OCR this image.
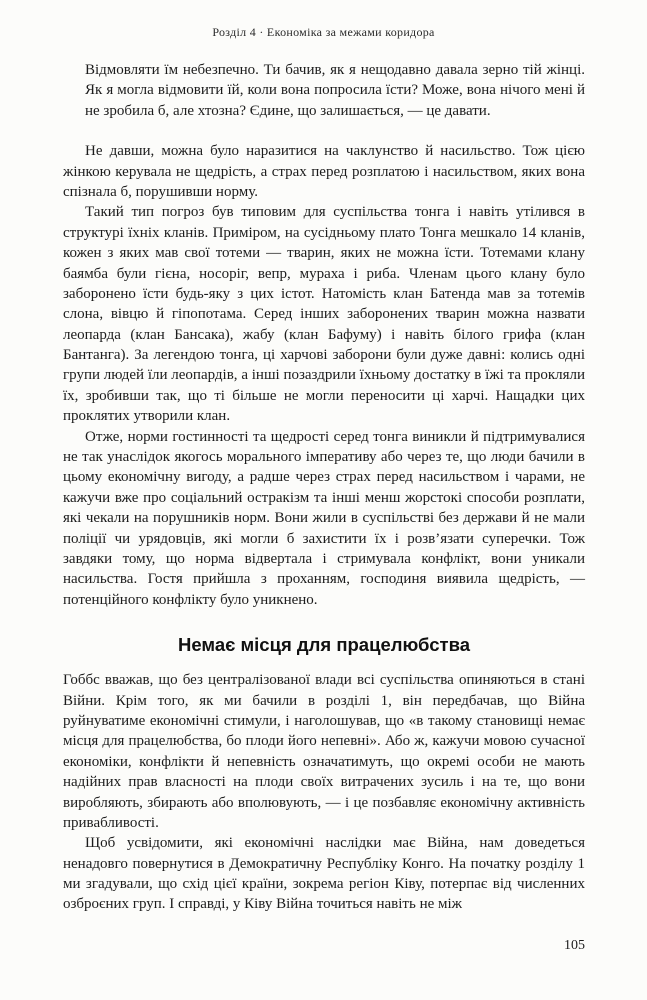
Розділ 4 · Економіка за межами коридора

Відмовляти їм небезпечно. Ти бачив, як я нещодавно давала зерно тій жінці. Як я могла відмовити їй, коли вона попросила їсти? Може, вона нічого мені й не зробила б, але хтозна? Єдине, що залишається, — це давати.

Не давши, можна було наразитися на чаклунство й насильство. Тож цією жінкою керувала не щедрість, а страх перед розплатою і насильством, яких вона спізнала б, порушивши норму.

Такий тип погроз був типовим для суспільства тонга і навіть утілився в структурі їхніх кланів. Приміром, на сусідньому плато Тонга мешкало 14 кланів, кожен з яких мав свої тотеми — тварин, яких не можна їсти. Тотемами клану баямба були гієна, носоріг, вепр, мураха і риба. Членам цього клану було заборонено їсти будь-яку з цих істот. Натомість клан Батенда мав за тотемів слона, вівцю й гіпопотама. Серед інших заборонених тварин можна назвати леопарда (клан Бансака), жабу (клан Бафуму) і навіть білого грифа (клан Бантанга). За легендою тонга, ці харчові заборони були дуже давні: колись одні групи людей їли леопардів, а інші позаздрили їхньому достатку в їжі та прокляли їх, зробивши так, що ті більше не могли переносити ці харчі. Нащадки цих проклятих утворили клан.

Отже, норми гостинності та щедрості серед тонга виникли й підтримувалися не так унаслідок якогось морального імперативу або через те, що люди бачили в цьому економічну вигоду, а радше через страх перед насильством і чарами, не кажучи вже про соціальний остракізм та інші менш жорстокі способи розплати, які чекали на порушників норм. Вони жили в суспільстві без держави й не мали поліції чи урядовців, які могли б захистити їх і розв’язати суперечки. Тож завдяки тому, що норма відвертала і стримувала конфлікт, вони уникали насильства. Гостя прийшла з проханням, господиня виявила щедрість, — потенційного конфлікту було уникнено.

Немає місця для працелюбства

Гоббс вважав, що без централізованої влади всі суспільства опиняються в стані Війни. Крім того, як ми бачили в розділі 1, він передбачав, що Війна руйнуватиме економічні стимули, і наголошував, що «в такому становищі немає місця для працелюбства, бо плоди його непевні». Або ж, кажучи мовою сучасної економіки, конфлікти й непевність означатимуть, що окремі особи не мають надійних прав власності на плоди своїх витрачених зусиль і на те, що вони виробляють, збирають або вполювують, — і це позбавляє економічну активність привабливості.

Щоб усвідомити, які економічні наслідки має Війна, нам доведеться ненадовго повернутися в Демократичну Республіку Конго. На початку розділу 1 ми згадували, що схід цієї країни, зокрема регіон Ківу, потерпає від численних озброєних груп. І справді, у Ківу Війна точиться навіть не між

105
